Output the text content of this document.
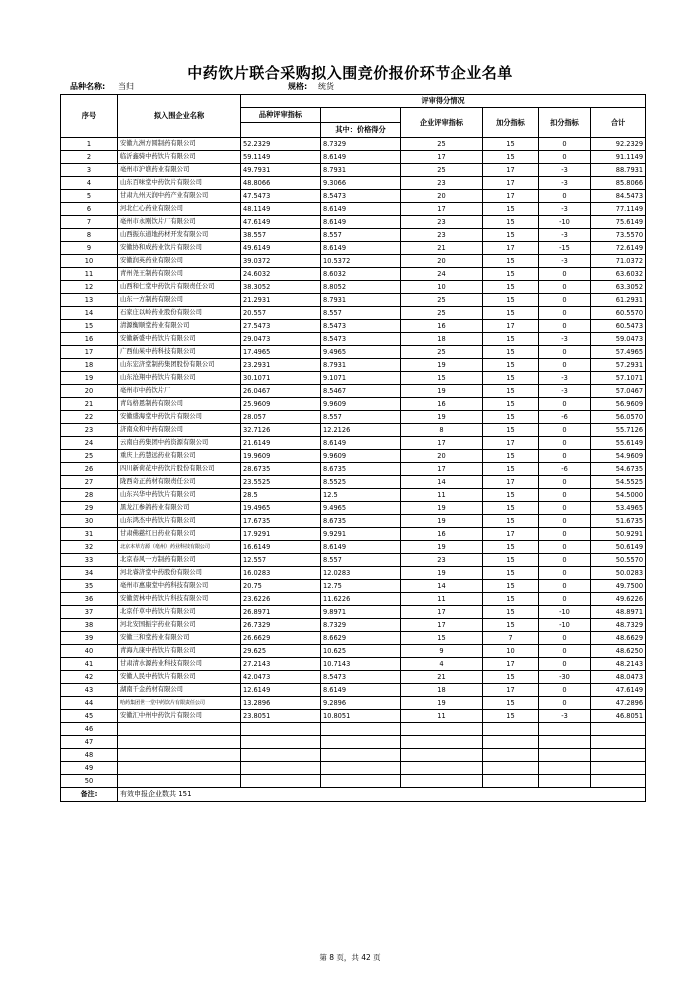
中药饮片联合采购拟入围竞价报价环节企业名单
品种名称: 当归	规格: 统货
序号	拟入围企业名称	评审得分情况					
		品种评审指标		企业评审指标	加分指标	扣分指标	合计
			其中：价格得分				
1	安徽九洲方圆制药有限公司	52.2329	8.7329	25	15	0	92.2329
2	临沂鑫骑中药饮片有限公司	59.1149	8.6149	17	15	0	91.1149
3	亳州市沪谯药业有限公司	49.7931	8.7931	25	17	-3	88.7931
4	山东百味堂中药饮片有限公司	48.8066	9.3066	23	17	-3	85.8066
5	甘肃九州天润中药产业有限公司	47.5473	8.5473	20	17	0	84.5473
6	河北仁心药业有限公司	48.1149	8.6149	17	15	-3	77.1149
7	亳州市永刚饮片厂有限公司	47.6149	8.6149	23	15	-10	75.6149
8	山西振东道地药材开发有限公司	38.557	8.557	23	15	-3	73.5570
9	安徽协和成药业饮片有限公司	49.6149	8.6149	21	17	-15	72.6149
10	安徽润英药业有限公司	39.0372	10.5372	20	15	-3	71.0372
11	青州尧王制药有限公司	24.6032	8.6032	24	15	0	63.6032
12	山西和仁堂中药饮片有限责任公司	38.3052	8.8052	10	15	0	63.3052
13	山东一方制药有限公司	21.2931	8.7931	25	15	0	61.2931
14	石家庄以岭药业股份有限公司	20.557	8.557	25	15	0	60.5570
15	清源衡顺堂药业有限公司	27.5473	8.5473	16	17	0	60.5473
16	安徽新盛中药饮片有限公司	29.0473	8.5473	18	15	-3	59.0473
17	广西仙茱中药科技有限公司	17.4965	9.4965	25	15	0	57.4965
18	山东宏济堂制药集团股份有限公司	23.2931	8.7931	19	15	0	57.2931
19	山东沧翔中药饮片有限公司	30.1071	9.1071	15	15	-3	57.1071
20	亳州市中药饮片厂	26.0467	8.5467	19	15	-3	57.0467
21	青岛格恩制药有限公司	25.9609	9.9609	16	15	0	56.9609
22	安徽盛海堂中药饮片有限公司	28.057	8.557	19	15	-6	56.0570
23	济南众和中药有限公司	32.7126	12.2126	8	15	0	55.7126
24	云南白药集团中药资源有限公司	21.6149	8.6149	17	17	0	55.6149
25	重庆上药慧远药业有限公司	19.9609	9.9609	20	15	0	54.9609
26	四川新荷花中药饮片股份有限公司	28.6735	8.6735	17	15	-6	54.6735
27	陇西奇正药材有限责任公司	23.5525	8.5525	14	17	0	54.5525
28	山东兴华中药饮片有限公司	28.5	12.5	11	15	0	54.5000
29	黑龙江参鸽药业有限公司	19.4965	9.4965	19	15	0	53.4965
30	山东鸿杰中药饮片有限公司	17.6735	8.6735	19	15	0	51.6735
31	甘肃佛慈红日药业有限公司	17.9291	9.9291	16	17	0	50.9291
32	北京本草方源（亳州）药业科技有限公司	16.6149	8.6149	19	15	0	50.6149
33	北京春风一方制药有限公司	12.557	8.557	23	15	0	50.5570
34	河北睿济堂中药股份有限公司	16.0283	12.0283	19	15	0	50.0283
35	亳州市惠康堂中药科技有限公司	20.75	12.75	14	15	0	49.7500
36	安徽贺林中药饮片科技有限公司	23.6226	11.6226	11	15	0	49.6226
37	北京仟草中药饮片有限公司	26.8971	9.8971	17	15	-10	48.8971
38	河北安国振宇药业有限公司	26.7329	8.7329	17	15	-10	48.7329
39	安徽三和堂药业有限公司	26.6629	8.6629	15	7	0	48.6629
40	青海九康中药饮片有限公司	29.625	10.625	9	10	0	48.6250
41	甘肃清水源药业科技有限公司	27.2143	10.7143	4	17	0	48.2143
42	安徽人民中药饮片有限公司	42.0473	8.5473	21	15	-30	48.0473
43	湖南千金药材有限公司	12.6149	8.6149	18	17	0	47.6149
44	哈药集团世一堂中药饮片有限责任公司	13.2896	9.2896	19	15	0	47.2896
45	安徽汇中州中药饮片有限公司	23.8051	10.8051	11	15	-3	46.8051
46							
47							
48							
49							
50							
备注:	有效申报企业数共 151						
第 8 页，共 42 页
